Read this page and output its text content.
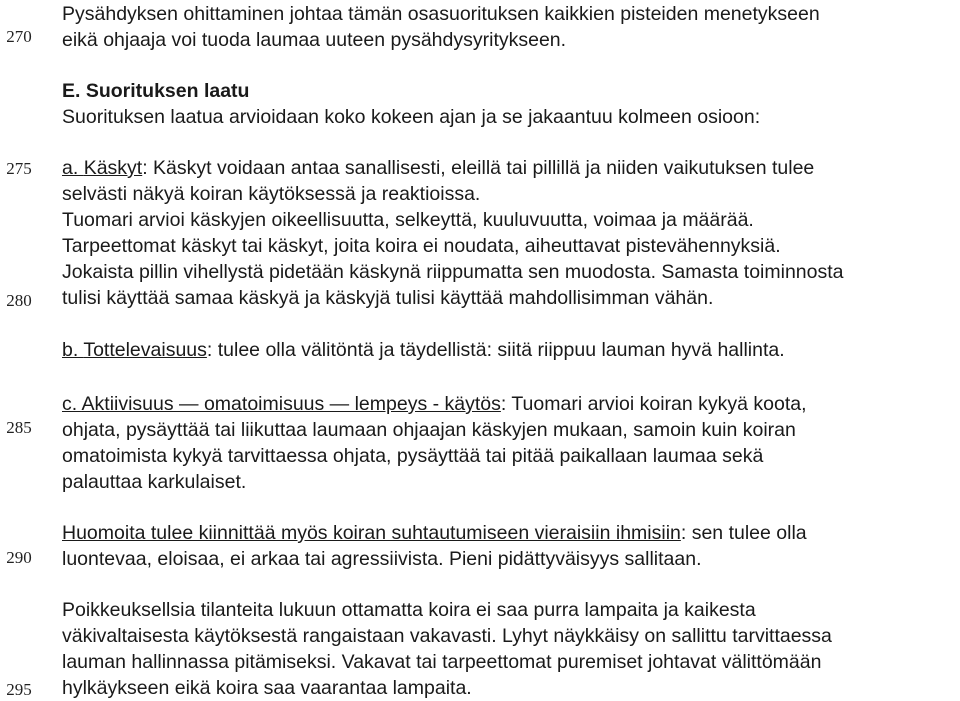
270
275
280
285
290
295
Pysähdyksen ohittaminen johtaa tämän osasuorituksen kaikkien pisteiden menetykseen
eikä ohjaaja voi tuoda laumaa uuteen pysähdysyritykseen.
E. Suorituksen laatu
Suorituksen laatua arvioidaan koko kokeen ajan ja se jakaantuu kolmeen osioon:
a. Käskyt: Käskyt voidaan antaa sanallisesti, eleillä tai pillillä ja niiden vaikutuksen tulee
selvästi näkyä koiran käytöksessä ja reaktioissa.
Tuomari arvioi käskyjen oikeellisuutta, selkeyttä, kuuluvuutta, voimaa ja määrää.
Tarpeettomat käskyt tai käskyt, joita koira ei noudata, aiheuttavat pistevähennyksiä.
Jokaista pillin vihellystä pidetään käskynä riippumatta sen muodosta. Samasta toiminnosta
tulisi käyttää samaa käskyä ja käskyjä tulisi käyttää mahdollisimman vähän.
b. Tottelevaisuus: tulee olla välitöntä ja täydellistä: siitä riippuu lauman hyvä hallinta.
c. Aktiivisuus — omatoimisuus — lempeys - käytös: Tuomari arvioi koiran kykyä koota,
ohjata, pysäyttää tai liikuttaa laumaan ohjaajan käskyjen mukaan, samoin kuin koiran
omatoimista kykyä tarvittaessa ohjata, pysäyttää tai pitää paikallaan laumaa sekä
palauttaa karkulaiset.
Huomoita tulee kiinnittää myös koiran suhtautumiseen vieraisiin ihmisiin: sen tulee olla
luontevaa, eloisaa, ei arkaa tai agressiivista. Pieni pidättyväisyys sallitaan.
Poikkeuksellsia tilanteita lukuun ottamatta koira ei saa purra lampaita ja kaikesta
väkivaltaisesta käytöksestä rangaistaan vakavasti. Lyhyt näykkäisy on sallittu tarvittaessa
lauman hallinnassa pitämiseksi. Vakavat tai tarpeettomat puremiset johtavat välittömään
hylkäykseen eikä koira saa vaarantaa lampaita.
